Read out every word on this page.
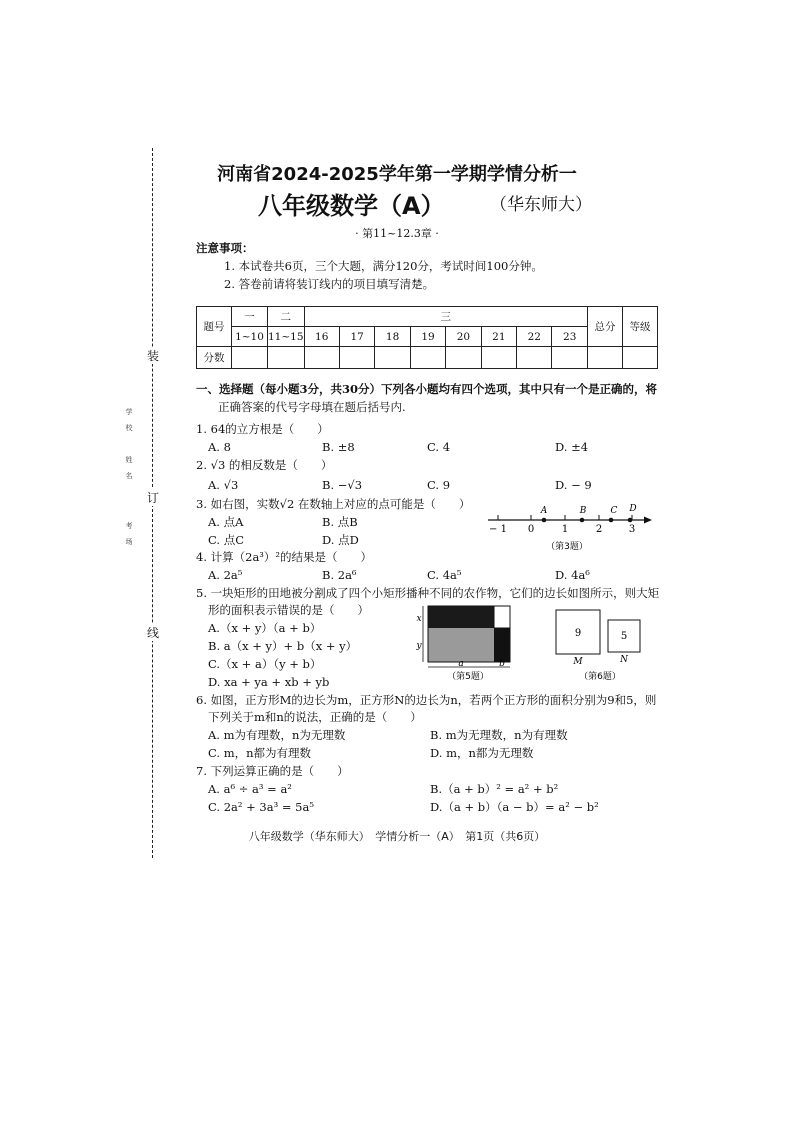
装
订
线
学校
姓名
考场
河南省2024-2025学年第一学期学情分析一
八年级数学（A）	（华东师大）
· 第11~12.3章 ·
注意事项：
1. 本试卷共6页，三个大题，满分120分，考试时间100分钟。
2. 答卷前请将装订线内的项目填写清楚。
题号	一	二	三								总分	等级
	1~10	11~15	16	17	18	19	20	21	22	23		
分数												
一、选择题（每小题3分，共30分）下列各小题均有四个选项，其中只有一个是正确的，将
正确答案的代号字母填在题后括号内.
1. 64的立方根是（　　）
A. 8	B. ±8	C. 4	D. ±4
2. √3 的相反数是（　　）
A. √3	B. −√3	C. 9	D. − 9
3. 如右图，实数√2 在数轴上对应的点可能是（　　）
A. 点A	B. 点B
C. 点C	D. 点D
A	B	C D
− 1 0	1	2	3
（第3题）
4. 计算（2a³）²的结果是（　　）
A. 2a⁵	B. 2a⁶	C. 4a⁵	D. 4a⁶
5. 一块矩形的田地被分割成了四个小矩形播种不同的农作物，它们的边长如图所示，则大矩
形的面积表示错误的是（　　）
A.（x + y）（a + b）
B. a（x + y）+ b（x + y）
C.（x + a）（y + b）
D. xa + ya + xb + yb
x
y
a	b
（第5题）
9	5
M	N
（第6题）
6. 如图，正方形M的边长为m，正方形N的边长为n，若两个正方形的面积分别为9和5，则
下列关于m和n的说法，正确的是（　　）
A. m为有理数，n为无理数	B. m为无理数，n为有理数
C. m，n都为有理数	D. m，n都为无理数
7. 下列运算正确的是（　　）
A. a⁶ ÷ a³ = a²	B.（a + b）² = a² + b²
C. 2a² + 3a³ = 5a⁵	D.（a + b）（a − b）= a² − b²
八年级数学（华东师大）　学情分析一（A）　第1页（共6页）
